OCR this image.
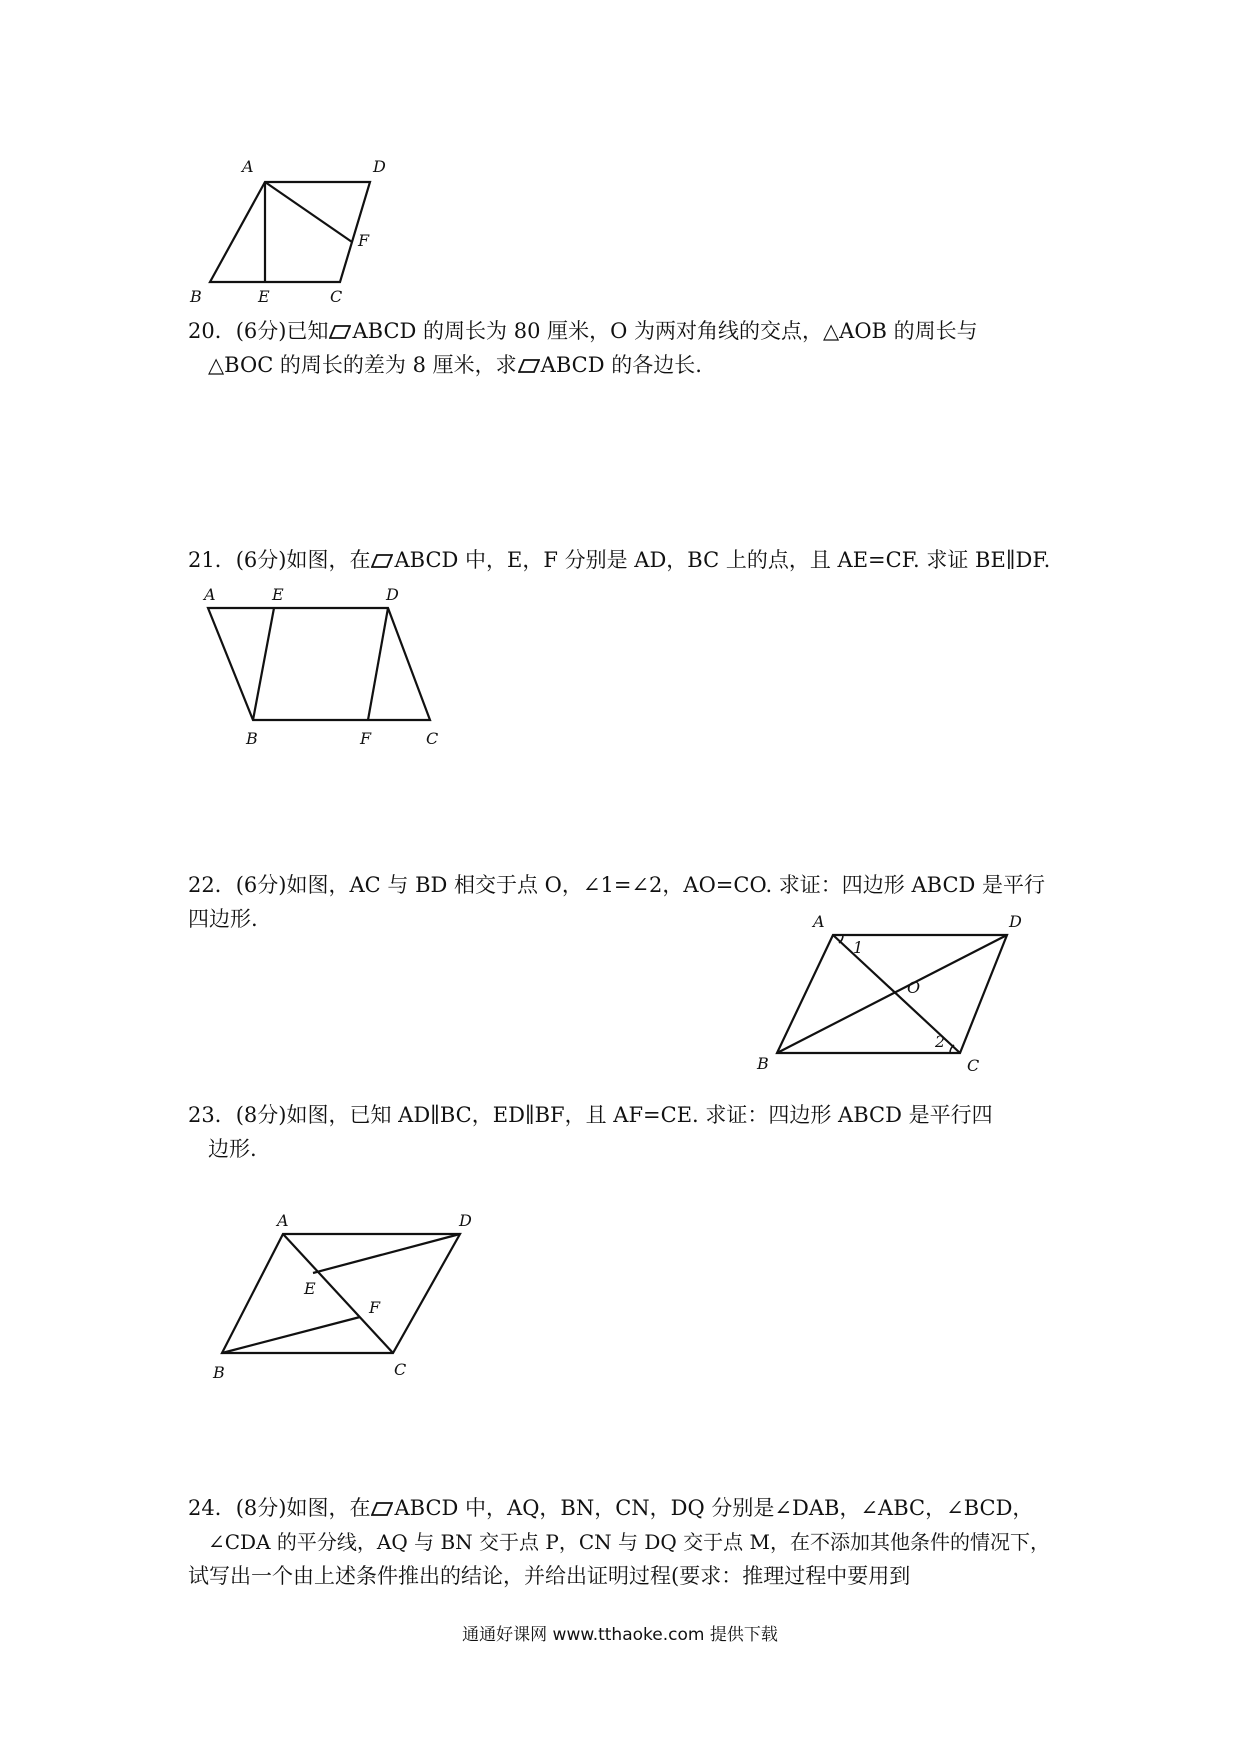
A	D
F
B	E	C
20．(6分)已知 ABCD 的周长为 80 厘米，O 为两对角线的交点，△AOB 的周长与
△BOC 的周长的差为 8 厘米，求 ABCD 的各边长.
21．(6分)如图，在 ABCD 中，E，F 分别是 AD，BC 上的点，且 AE=CF. 求证 BE∥DF.
A	E	D
B	F	C
22．(6分)如图，AC 与 BD 相交于点 O，∠1=∠2，AO=CO. 求证：四边形 ABCD 是平行
四边形.	A	D
1
O
2
B	C
23．(8分)如图，已知 AD∥BC，ED∥BF，且 AF=CE. 求证：四边形 ABCD 是平行四
边形.
A	D
E
F
B	C
24．(8分)如图，在 ABCD 中，AQ，BN，CN，DQ 分别是∠DAB，∠ABC，∠BCD，
∠CDA 的平分线，AQ 与 BN 交于点 P，CN 与 DQ 交于点 M，在不添加其他条件的情况下，
试写出一个由上述条件推出的结论，并给出证明过程(要求：推理过程中要用到
通通好课网 www.tthaoke.com 提供下载
